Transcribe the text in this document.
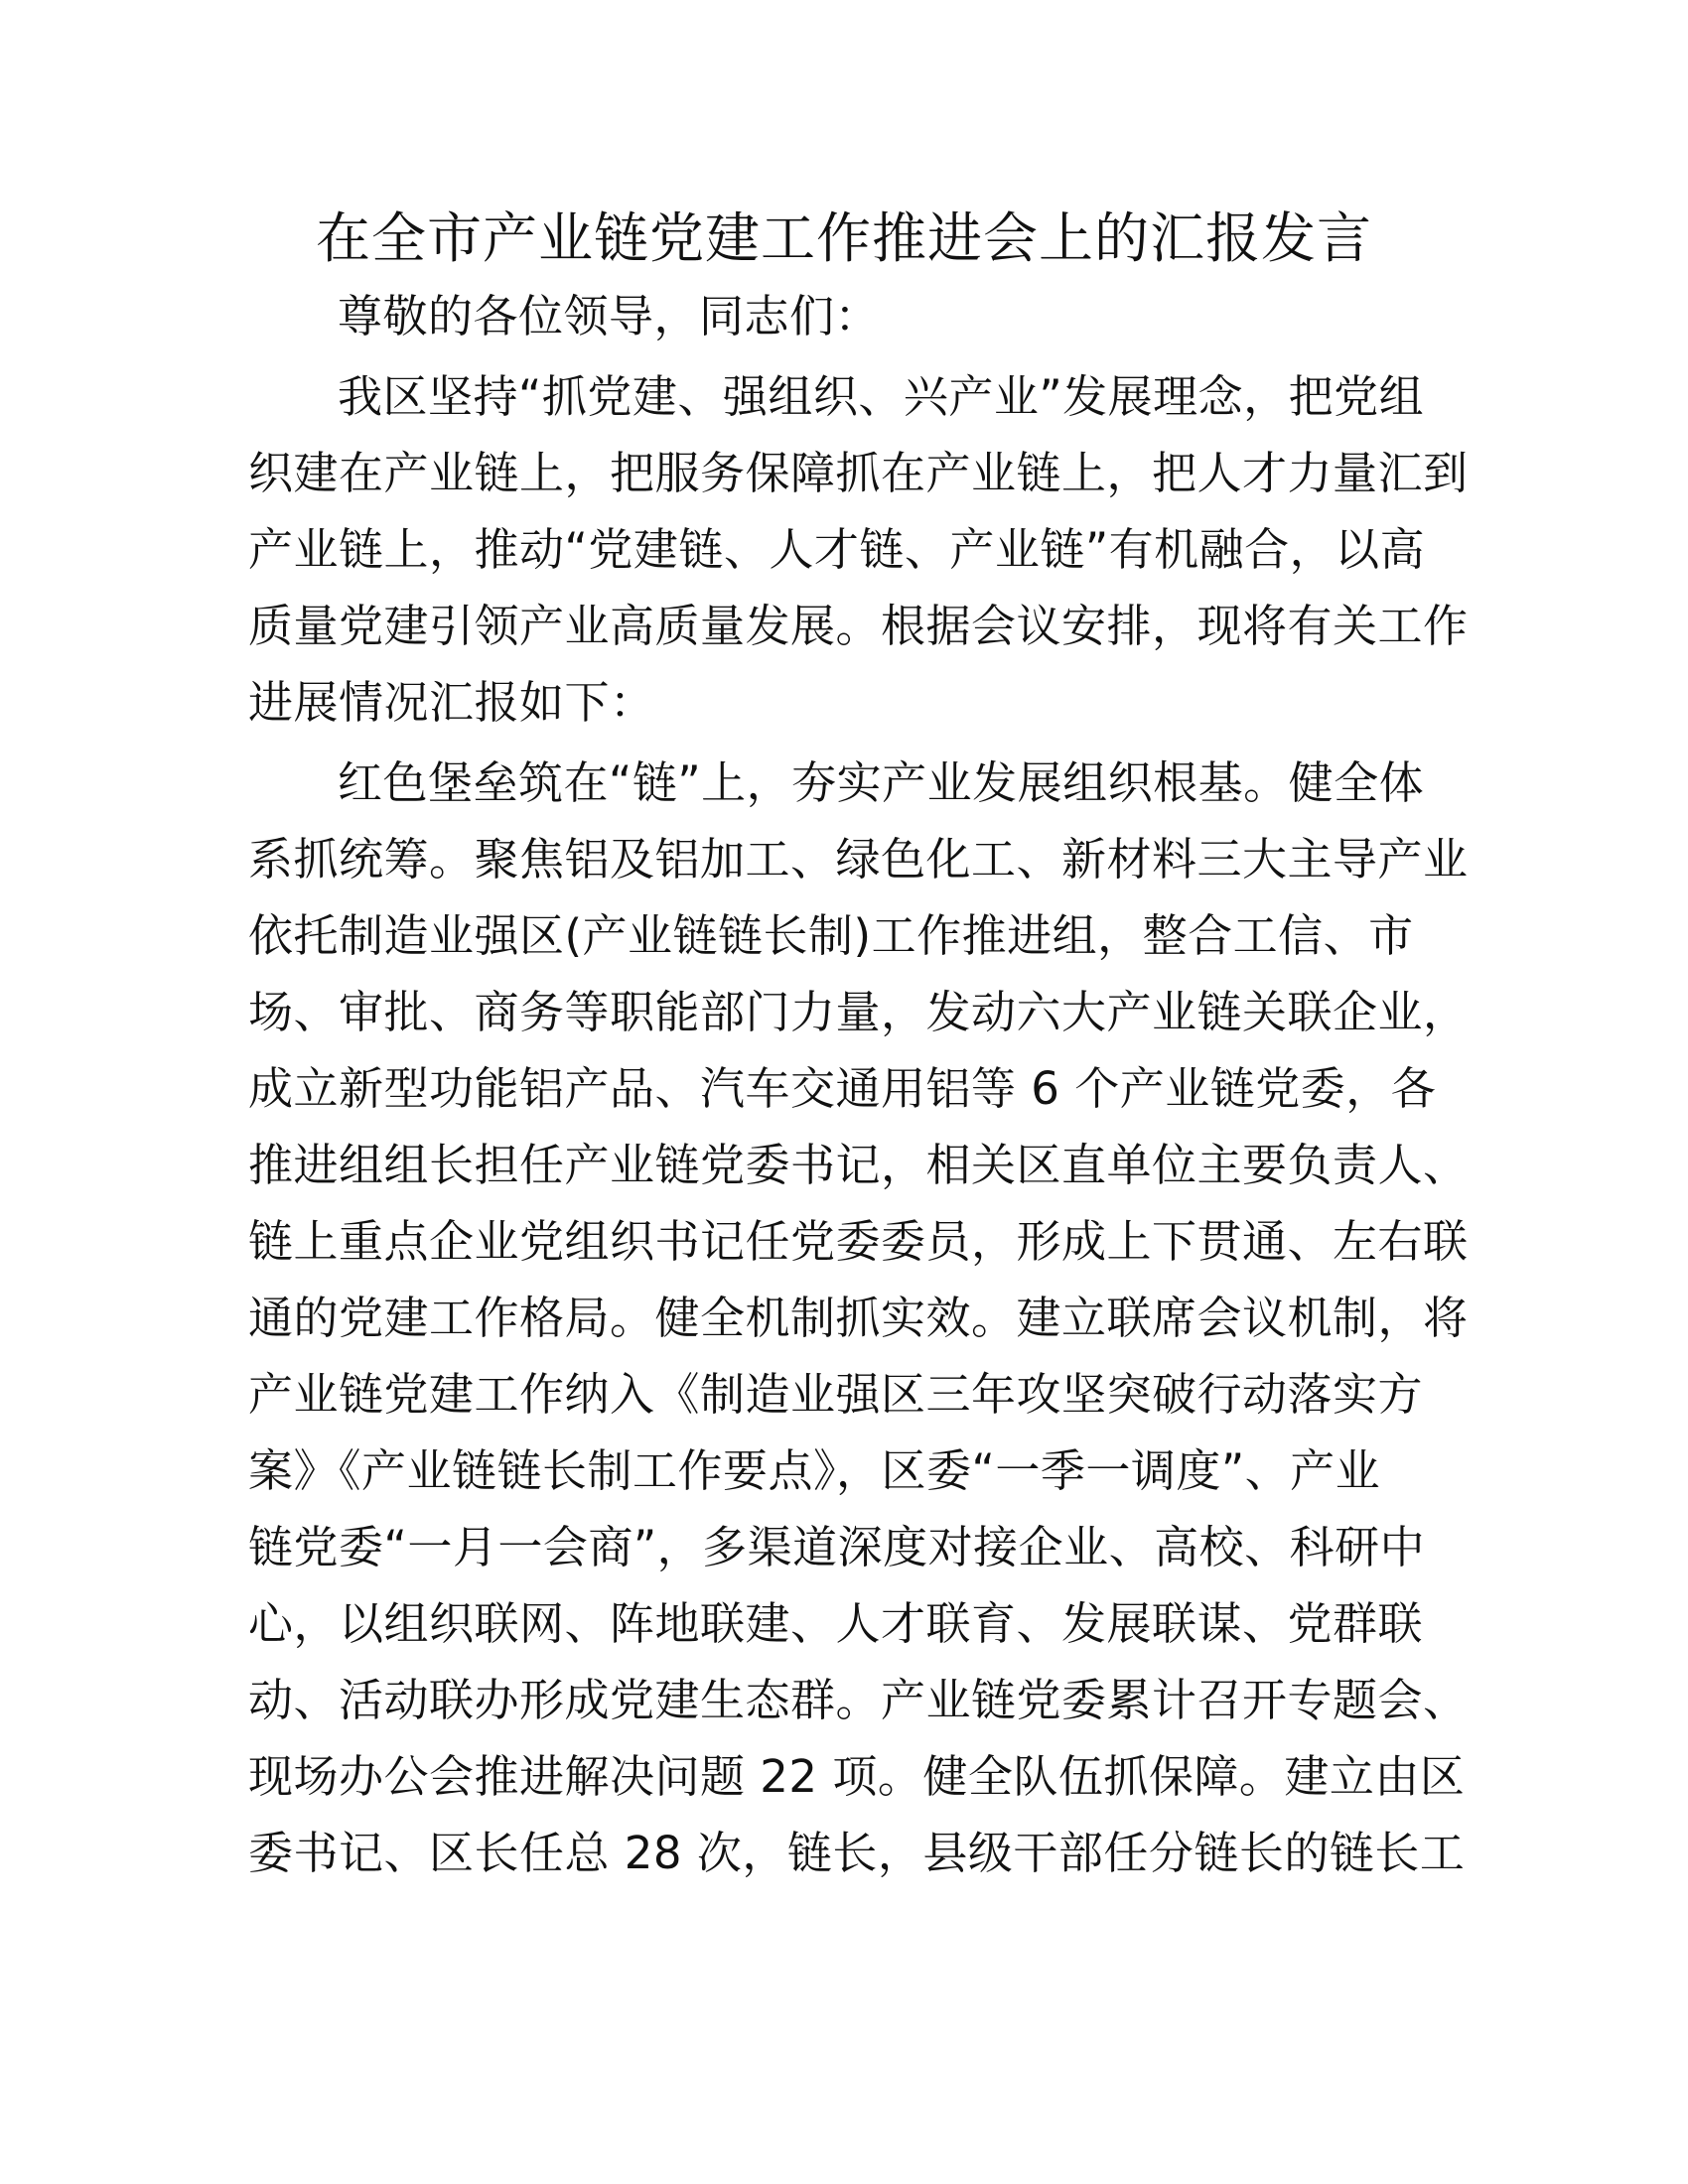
在全市产业链党建工作推进会上的汇报发言
尊敬的各位领导，同志们：
我区坚持“抓党建、强组织、兴产业”发展理念，把党组
织建在产业链上，把服务保障抓在产业链上，把人才力量汇到
产业链上，推动“党建链、人才链、产业链”有机融合，以高
质量党建引领产业高质量发展。根据会议安排，现将有关工作
进展情况汇报如下：
红色堡垒筑在“链”上，夯实产业发展组织根基。健全体
系抓统筹。聚焦铝及铝加工、绿色化工、新材料三大主导产业
依托制造业强区(产业链链长制)工作推进组，整合工信、市
场、审批、商务等职能部门力量，发动六大产业链关联企业，
成立新型功能铝产品、汽车交通用铝等 6 个产业链党委，各
推进组组长担任产业链党委书记，相关区直单位主要负责人、
链上重点企业党组织书记任党委委员，形成上下贯通、左右联
通的党建工作格局。健全机制抓实效。建立联席会议机制，将
产业链党建工作纳入《制造业强区三年攻坚突破行动落实方
案》《产业链链长制工作要点》，区委“一季一调度”、产业
链党委“一月一会商”，多渠道深度对接企业、高校、科研中
心，以组织联网、阵地联建、人才联育、发展联谋、党群联
动、活动联办形成党建生态群。产业链党委累计召开专题会、
现场办公会推进解决问题 22 项。健全队伍抓保障。建立由区
委书记、区长任总 28 次，链长，县级干部任分链长的链长工
